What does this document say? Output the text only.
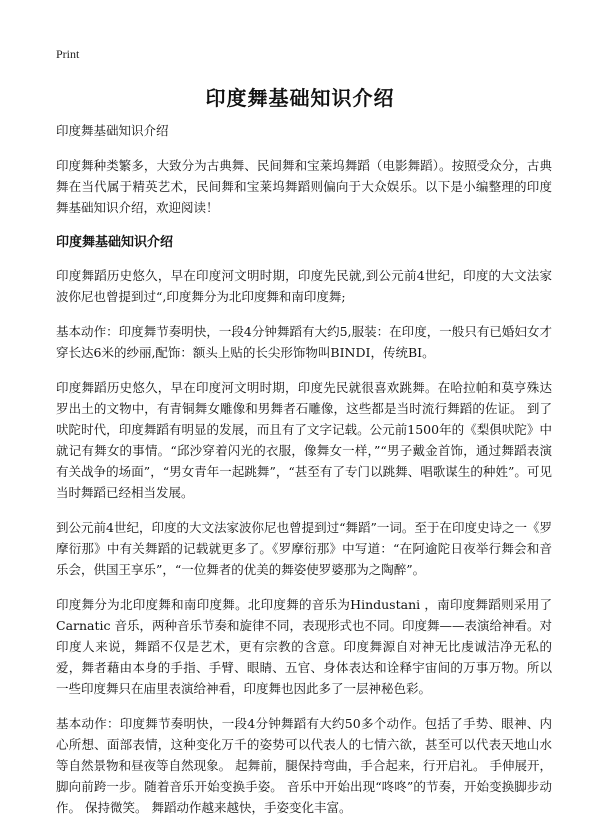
Print
印度舞基础知识介绍
印度舞基础知识介绍

印度舞种类繁多，大致分为古典舞、民间舞和宝莱坞舞蹈（电影舞蹈）。按照受众分，古典舞在当代属于精英艺术，民间舞和宝莱坞舞蹈则偏向于大众娱乐。以下是小编整理的印度舞基础知识介绍，欢迎阅读！

印度舞基础知识介绍

印度舞蹈历史悠久，早在印度河文明时期，印度先民就,到公元前4世纪，印度的大文法家波你尼也曾提到过“,印度舞分为北印度舞和南印度舞;

基本动作：印度舞节奏明快，一段4分钟舞蹈有大约5,服装：在印度，一般只有已婚妇女才穿长达6米的纱丽,配饰：额头上贴的长尖形饰物叫BINDI，传统BI。

印度舞蹈历史悠久，早在印度河文明时期，印度先民就很喜欢跳舞。在哈拉帕和莫亨殊达罗出土的文物中，有青铜舞女雕像和男舞者石雕像，这些都是当时流行舞蹈的佐证。 到了吠陀时代，印度舞蹈有明显的发展，而且有了文字记载。公元前1500年的《梨俱吠陀》中就记有舞女的事情。“邱沙穿着闪光的衣服，像舞女一样，”“男子戴金首饰，通过舞蹈表演有关战争的场面”，“男女青年一起跳舞”，“甚至有了专门以跳舞、唱歌谋生的种姓”。可见当时舞蹈已经相当发展。

到公元前4世纪，印度的大文法家波你尼也曾提到过“舞蹈”一词。至于在印度史诗之一《罗摩衍那》中有关舞蹈的记载就更多了。《罗摩衍那》中写道：“在阿逾陀日夜举行舞会和音乐会，供国王享乐”，“一位舞者的优美的舞姿使罗婆那为之陶醉”。

印度舞分为北印度舞和南印度舞。北印度舞的音乐为Hindustani ，南印度舞蹈则采用了Carnatic 音乐，两种音乐节奏和旋律不同，表现形式也不同。印度舞——表演给神看。对印度人来说，舞蹈不仅是艺术，更有宗教的含意。印度舞源自对神无比虔诚洁净无私的爱，舞者藉由本身的手指、手臂、眼睛、五官、身体表达和诠释宇宙间的万事万物。所以一些印度舞只在庙里表演给神看，印度舞也因此多了一层神秘色彩。

基本动作：印度舞节奏明快，一段4分钟舞蹈有大约50多个动作。包括了手势、眼神、内心所想、面部表情，这种变化万千的姿势可以代表人的七情六欲，甚至可以代表天地山水等自然景物和昼夜等自然现象。 起舞前，腿保持弯曲，手合起来，行开启礼。 手伸展开，脚向前跨一步。随着音乐开始变换手姿。 音乐中开始出现“咚咚”的节奏，开始变换脚步动作。 保持微笑。 舞蹈动作越来越快，手姿变化丰富。
